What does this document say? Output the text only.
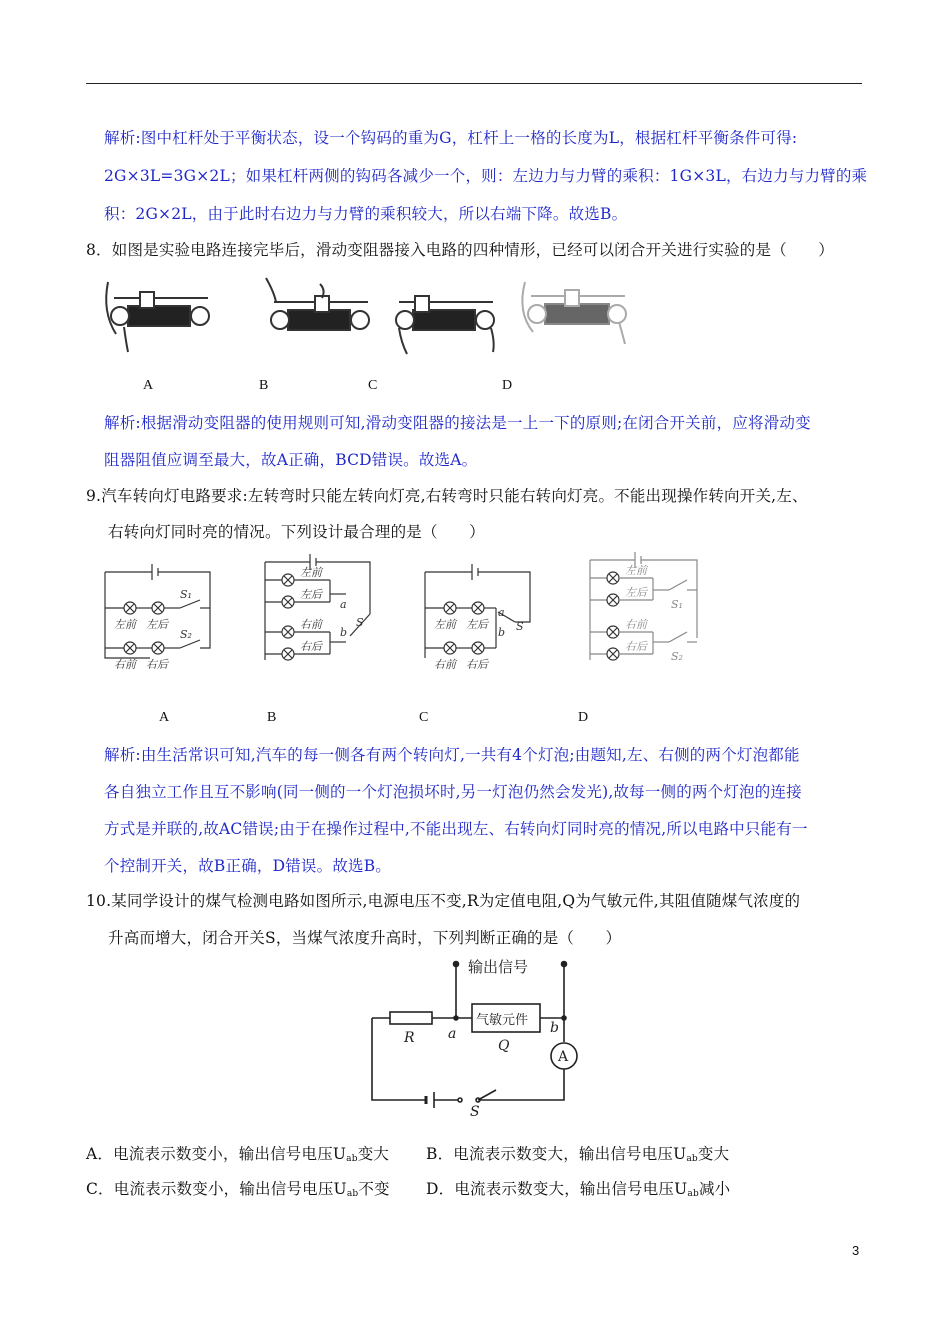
解析:图中杠杆处于平衡状态，设一个钩码的重为G，杠杆上一格的长度为L，根据杠杆平衡条件可得:
2G×3L=3G×2L；如果杠杆两侧的钩码各减少一个，则：左边力与力臂的乘积：1G×3L，右边力与力臂的乘
积：2G×2L，由于此时右边力与力臂的乘积较大，所以右端下降。故选B。
8．如图是实验电路连接完毕后，滑动变阻器接入电路的四种情形，已经可以闭合开关进行实验的是（　　）
A	B	C	D
解析:根据滑动变阻器的使用规则可知,滑动变阻器的接法是一上一下的原则;在闭合开关前，应将滑动变
阻器阻值应调至最大，故A正确，BCD错误。故选A。
9.汽车转向灯电路要求:左转弯时只能左转向灯亮,右转弯时只能右转向灯亮。不能出现操作转向开关,左、
右转向灯同时亮的情况。下列设计最合理的是（　　）
左前 左后
右前 右后
S₁
S₂
左前
左后
右前
右后
a
b
S	左前 左后
右前 右后
a
b S
左前
左后
右前
右后
S₁
S₂
A	B	C	D
解析:由生活常识可知,汽车的每一侧各有两个转向灯,一共有4个灯泡;由题知,左、右侧的两个灯泡都能
各自独立工作且互不影响(同一侧的一个灯泡损坏时,另一灯泡仍然会发光),故每一侧的两个灯泡的连接
方式是并联的,故AC错误;由于在操作过程中,不能出现左、右转向灯同时亮的情况,所以电路中只能有一
个控制开关，故B正确，D错误。故选B。
10.某同学设计的煤气检测电路如图所示,电源电压不变,R为定值电阻,Q为气敏元件,其阻值随煤气浓度的
升高而增大，闭合开关S，当煤气浓度升高时，下列判断正确的是（　　）
输出信号
气敏元件
R	Q
a	b
A
S
A．电流表示数变小，输出信号电压$U_{ab}$变大 B．电流表示数变大，输出信号电压$U_{ab}$变大
C．电流表示数变小，输出信号电压$U_{ab}$不变 D．电流表示数变大，输出信号电压$U_{ab}$减小
3
